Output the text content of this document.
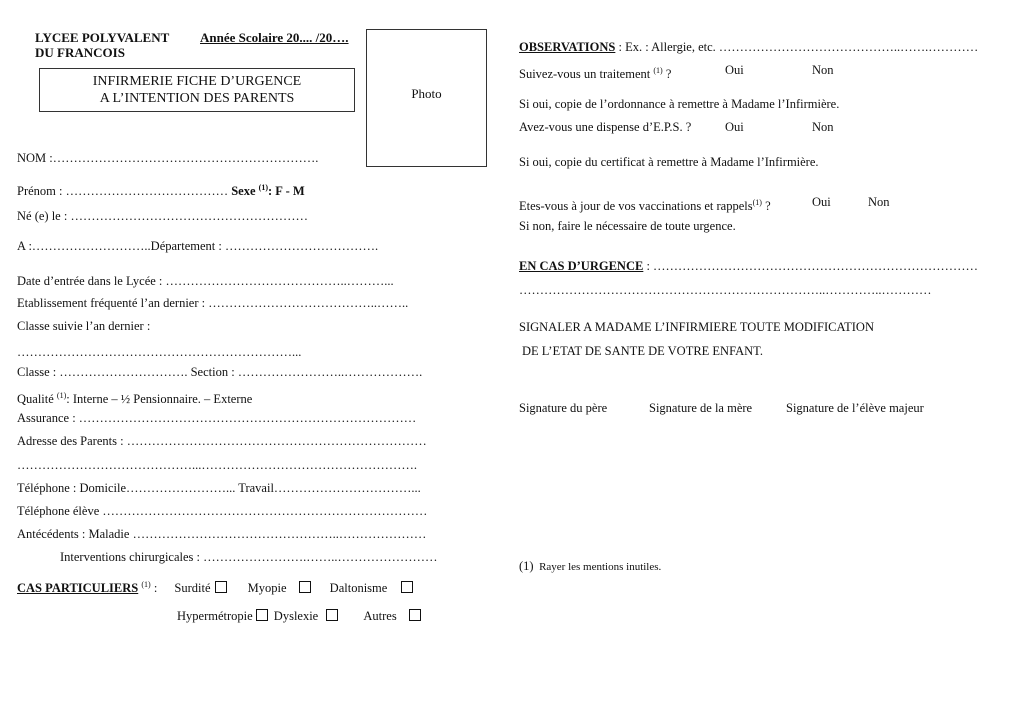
LYCEE POLYVALENT
DU FRANCOIS
Année Scolaire 20.... /20….
INFIRMERIE FICHE D’URGENCE
A L’INTENTION DES PARENTS	Photo
NOM :……………………………………………………….
Prénom : ………………………………… Sexe $^{(1)}$: F - M
Né (e) le : …………………………………………………
A :………………………..Département : ……………………………….
Date d’entrée dans le Lycée : ……………………………………..………...
Etablissement fréquenté l’an dernier : …………………………………..……..
Classe suivie l’an dernier :
…………………………………………………………...
Classe : …………………………. Section : ……………………..……………….
Qualité $^{(1)}$: Interne – ½ Pensionnaire. – Externe
Assurance : ………………………………………………………………………
Adresse des Parents : ………………………………………………………………
……………………………………...…………………………………………….
Téléphone : Domicile……………………... Travail……………………………...
Téléphone élève ……………………………………………………………………
Antécédents : Maladie …………………………………………..…………………
Interventions chirurgicales : …………………….……..……………………
CAS PARTICULIERS $^{(1)}$ : Surdité	Myopie	Daltonisme
Hypermétropie Dyslexie	Autres
OBSERVATIONS : Ex. : Allergie, etc. ……………………………………..…….…………
Suivez-vous un traitement $^{(1)}$ ?	Oui	Non
Si oui, copie de l’ordonnance à remettre à Madame l’Infirmière.
Avez-vous une dispense d’E.P.S. ?	Oui	Non
Si oui, copie du certificat à remettre à Madame l’Infirmière.
Etes-vous à jour de vos vaccinations et rappels$^{(1)}$ ?	Oui	Non
Si non, faire le nécessaire de toute urgence.
EN CAS D’URGENCE : ……………………………………………………………………
………………………………………………………………..…………..…………
SIGNALER A MADAME L’INFIRMIERE TOUTE MODIFICATION
DE L’ETAT DE SANTE DE VOTRE ENFANT.
Signature du père	Signature de la mère	Signature de l’élève majeur
(1) Rayer les mentions inutiles.
